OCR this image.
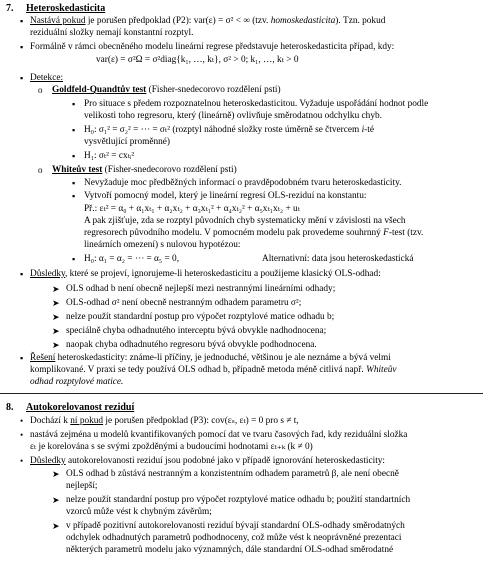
7. Heteroskedasticita
▪ Nastává pokud je porušen předpoklad (P2): var(ε) = σ² < ∞ (tzv. homoskedasticita). Tzn. pokud
reziduální složky nemají konstantní rozptyl.
▪ Formálně v rámci obecněného modelu lineární regrese představuje heteroskedasticita případ, kdy:
var(ε) = σ²Ω = σ²diag{k₁, …, kₜ}, σ² > 0; k₁, …, kₜ > 0
▪ Detekce:
o Goldfeld-Quandtův test (Fisher-snedecorovo rozdělení psti)
▪ Pro situace s předem rozpoznatelnou heteroskedasticitou. Vyžaduje uspořádání hodnot podle
velikosti toho regresoru, který (lineárně) ovlivňuje směrodatnou odchylku chyb.
▪ H₀: σ₁² = σ₂² = ⋯ = σₜ² (rozptyl náhodné složky roste úměrně se čtvercem i-té
vysvětlující proměnné)
▪ H₁: σₜ² = cxₜᵢ²
o Whiteův test (Fisher-snedecorovo rozdělení psti)
▪ Nevyžaduje moc předběžných informací o pravděpodobném tvaru heteroskedasticity.
▪ Vytvoří pomocný model, který je lineární regresí OLS-reziduí na konstantu:
Př.: εₜ² = α₀ + α₁xₜ₁ + α₂xₜ₂ + α₃xₜ₁² + α₄xₜ₂² + α₅xₜ₁xₜ₂ + uₜ
A pak zjišťuje, zda se rozptyl původních chyb systematicky mění v závislosti na všech
regresorech původního modelu. V pomocném modelu pak provedeme souhrnný F-test (tzv.
lineárních omezení) s nulovou hypotézou:
▪ H₀: α₁ = α₂ = ⋯ = α₅ = 0,	Alternativní: data jsou heteroskedastická
▪ Důsledky, které se projeví, ignorujeme-li heteroskedasticitu a použijeme klasický OLS-odhad:
➤ OLS odhad b není obecně nejlepší mezi nestrannými lineárními odhady;
➤ OLS-odhad σ² není obecně nestranným odhadem parametru σ²;
➤ nelze použít standardní postup pro výpočet rozptylové matice odhadu b;
➤ speciálně chyba odhadnutého interceptu bývá obvykle nadhodnocena;
➤ naopak chyba odhadnutého regresoru bývá obvykle podhodnocena.
▪ Řešení heteroskedasticity: známe-li příčiny, je jednoduché, většinou je ale neznáme a bývá velmi
komplikované. V praxi se tedy používá OLS odhad b, případně metoda méně citlivá např. Whiteův
odhad rozptylové matice.
8. Autokorelovanost reziduí
• Dochází k ní pokud je porušen předpoklad (P3): cov(εₛ, εₜ) = 0 pro s ≠ t,
• nastává zejména u modelů kvantifikovaných pomocí dat ve tvaru časových řad, kdy reziduální složka
εₜ je korelována s se svými zpožděnými a budoucími hodnotami εₜ₊ₖ (k ≠ 0)
• Důsledky autokorelovanosti reziduí jsou podobné jako v případě ignorování heteroskedasticity:
➤ OLS odhad b zůstává nestranným a konzistentním odhadem parametrů β, ale není obecně
nejlepší;
➤ nelze použít standardní postup pro výpočet rozptylové matice odhadu b; použití standartních
vzorců může vést k chybným závěrům;
➤ v případě pozitivní autokorelovanosti reziduí bývají standardní OLS-odhady směrodatných
odchylek odhadnutých parametrů podhodnoceny, což může vést k neoprávněné prezentaci
některých parametrů modelu jako významných, dále standardní OLS-odhad směrodatné
